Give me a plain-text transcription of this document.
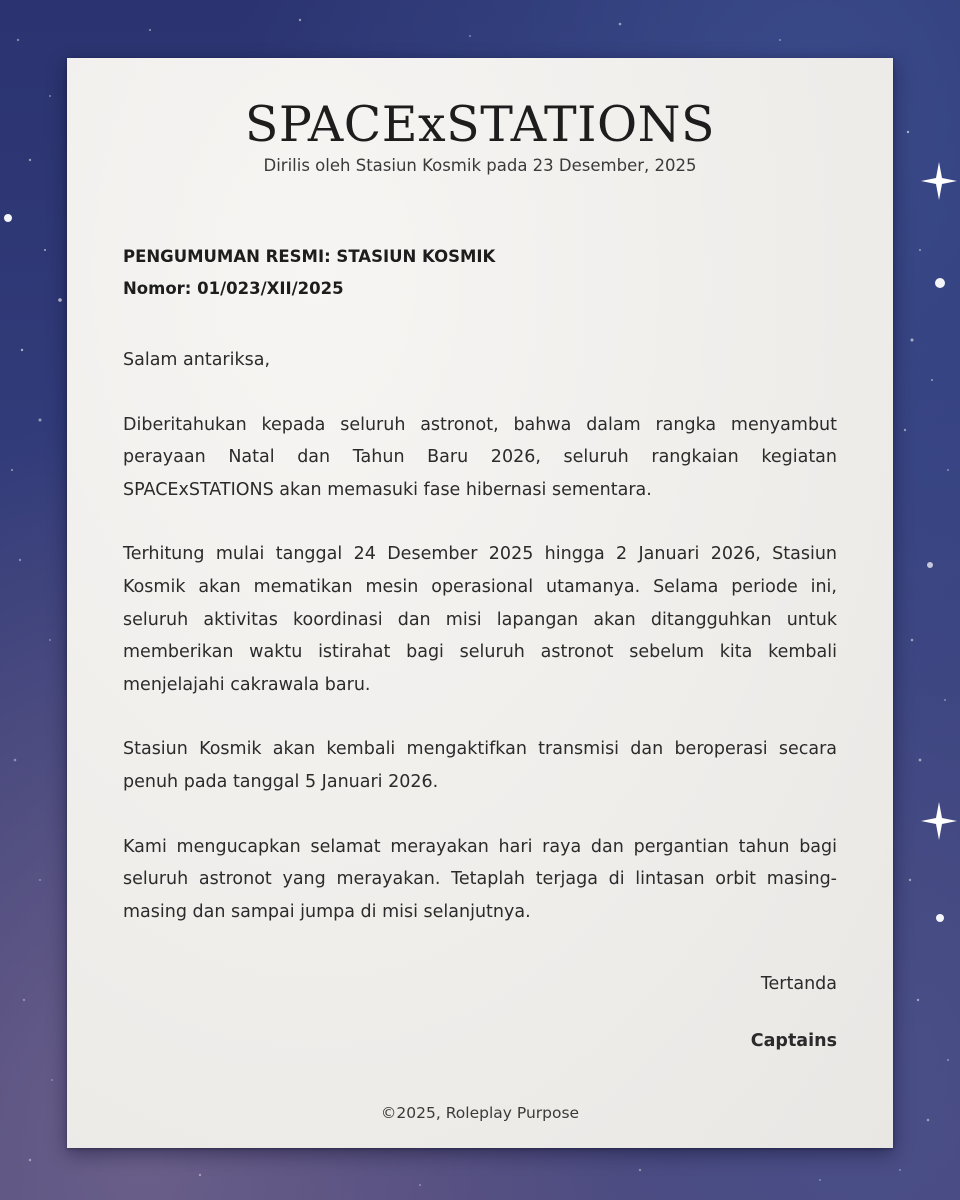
SPACExSTATIONS
Dirilis oleh Stasiun Kosmik pada 23 Desember, 2025
PENGUMUMAN RESMI: STASIUN KOSMIK
Nomor: 01/023/XII/2025
Salam antariksa,
Diberitahukan kepada seluruh astronot, bahwa dalam rangka menyambut perayaan Natal dan Tahun Baru 2026, seluruh rangkaian kegiatan SPACExSTATIONS akan memasuki fase hibernasi sementara.
Terhitung mulai tanggal 24 Desember 2025 hingga 2 Januari 2026, Stasiun Kosmik akan mematikan mesin operasional utamanya. Selama periode ini, seluruh aktivitas koordinasi dan misi lapangan akan ditangguhkan untuk memberikan waktu istirahat bagi seluruh astronot sebelum kita kembali menjelajahi cakrawala baru.
Stasiun Kosmik akan kembali mengaktifkan transmisi dan beroperasi secara penuh pada tanggal 5 Januari 2026.
Kami mengucapkan selamat merayakan hari raya dan pergantian tahun bagi seluruh astronot yang merayakan. Tetaplah terjaga di lintasan orbit masing-masing dan sampai jumpa di misi selanjutnya.
Tertanda
Captains
©2025, Roleplay Purpose
